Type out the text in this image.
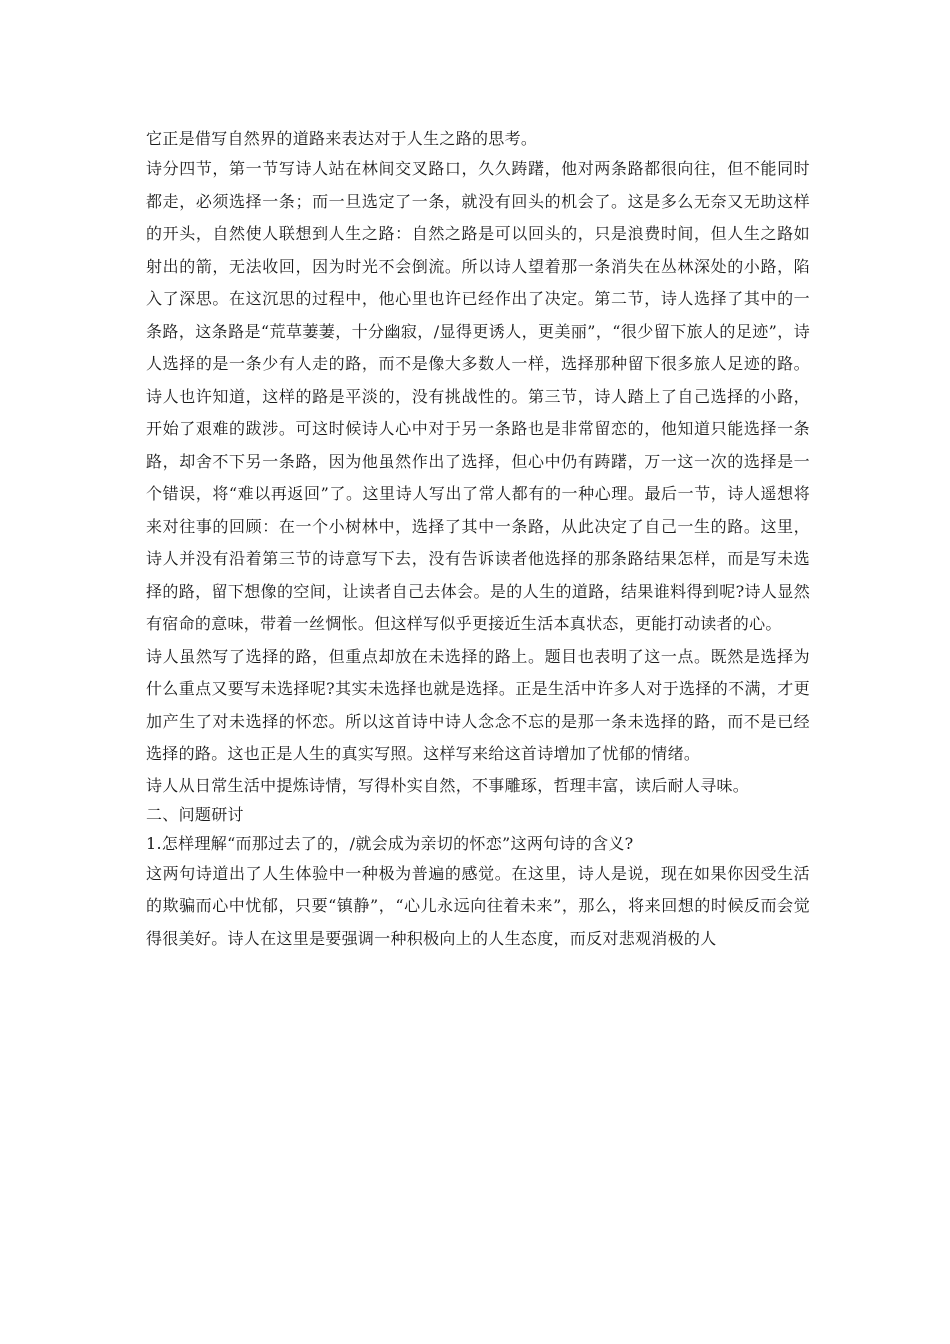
它正是借写自然界的道路来表达对于人生之路的思考。

诗分四节，第一节写诗人站在林间交叉路口，久久踌躇，他对两条路都很向往，但不能同时都走，必须选择一条；而一旦选定了一条，就没有回头的机会了。这是多么无奈又无助这样的开头，自然使人联想到人生之路：自然之路是可以回头的，只是浪费时间，但人生之路如射出的箭，无法收回，因为时光不会倒流。所以诗人望着那一条消失在丛林深处的小路，陷入了深思。在这沉思的过程中，他心里也许已经作出了决定。第二节，诗人选择了其中的一条路，这条路是“荒草萋萋，十分幽寂，/显得更诱人，更美丽”，“很少留下旅人的足迹”，诗人选择的是一条少有人走的路，而不是像大多数人一样，选择那种留下很多旅人足迹的路。诗人也许知道，这样的路是平淡的，没有挑战性的。第三节，诗人踏上了自己选择的小路，开始了艰难的跋涉。可这时候诗人心中对于另一条路也是非常留恋的，他知道只能选择一条路，却舍不下另一条路，因为他虽然作出了选择，但心中仍有踌躇，万一这一次的选择是一个错误，将“难以再返回”了。这里诗人写出了常人都有的一种心理。最后一节，诗人遥想将来对往事的回顾：在一个小树林中，选择了其中一条路，从此决定了自己一生的路。这里，诗人并没有沿着第三节的诗意写下去，没有告诉读者他选择的那条路结果怎样，而是写未选择的路，留下想像的空间，让读者自己去体会。是的人生的道路，结果谁料得到呢?诗人显然有宿命的意味，带着一丝惆怅。但这样写似乎更接近生活本真状态，更能打动读者的心。

诗人虽然写了选择的路，但重点却放在未选择的路上。题目也表明了这一点。既然是选择为什么重点又要写未选择呢?其实未选择也就是选择。正是生活中许多人对于选择的不满，才更加产生了对未选择的怀恋。所以这首诗中诗人念念不忘的是那一条未选择的路，而不是已经选择的路。这也正是人生的真实写照。这样写来给这首诗增加了忧郁的情绪。

诗人从日常生活中提炼诗情，写得朴实自然，不事雕琢，哲理丰富，读后耐人寻味。

二、问题研讨

1.怎样理解“而那过去了的，/就会成为亲切的怀恋”这两句诗的含义?

这两句诗道出了人生体验中一种极为普遍的感觉。在这里，诗人是说，现在如果你因受生活的欺骗而心中忧郁，只要“镇静”，“心儿永远向往着未来”，那么，将来回想的时候反而会觉得很美好。诗人在这里是要强调一种积极向上的人生态度，而反对悲观消极的人
